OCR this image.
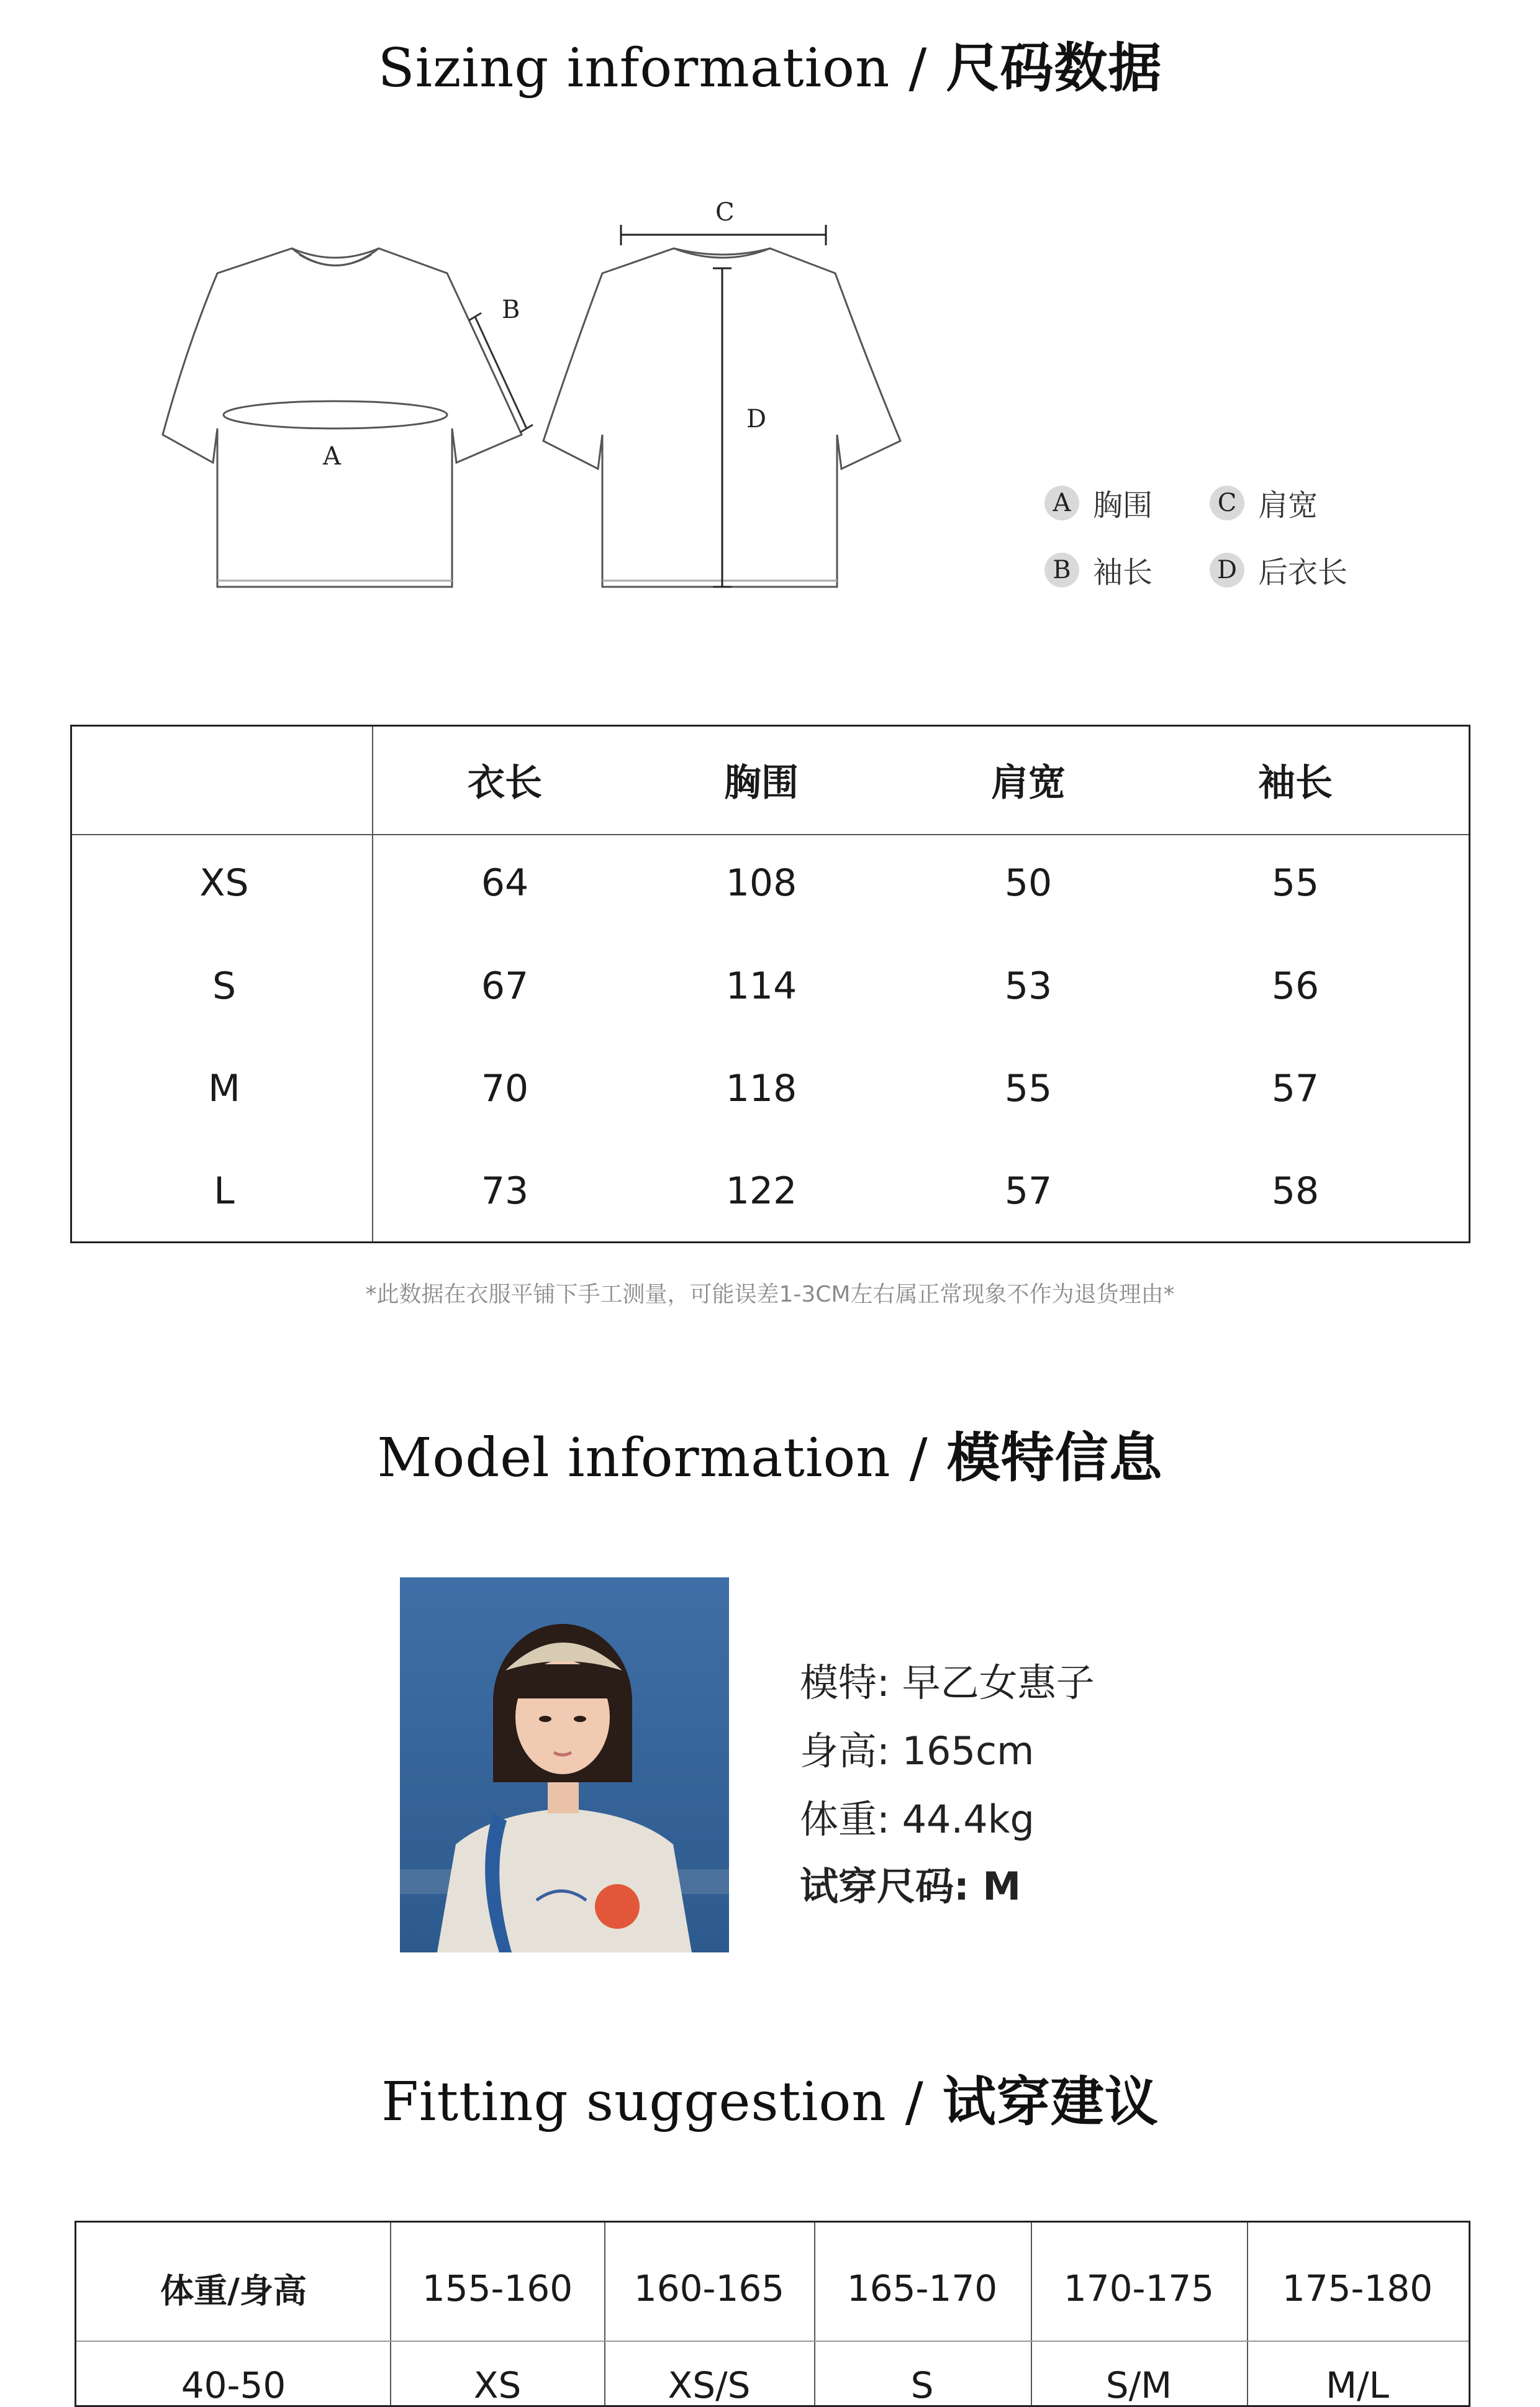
Sizing information / 尺码数据
A
B
C
D
A 胸围	C 肩宽
B 袖长	D 后衣长
衣长	胸围	肩宽	袖长
XS	64	108	50	55
S	67	114	53	56
M	70	118	55	57
L	73	122	57	58
*此数据在衣服平铺下手工测量，可能误差1-3CM左右属正常现象不作为退货理由*
Model information / 模特信息
模特: 早乙女惠子
身高: 165cm
体重: 44.4kg
试穿尺码: M
Fitting suggestion / 试穿建议
体重/身高	155-160 160-165 165-170 170-175 175-180
40-50	XS	XS/S	S	S/M	M/L
